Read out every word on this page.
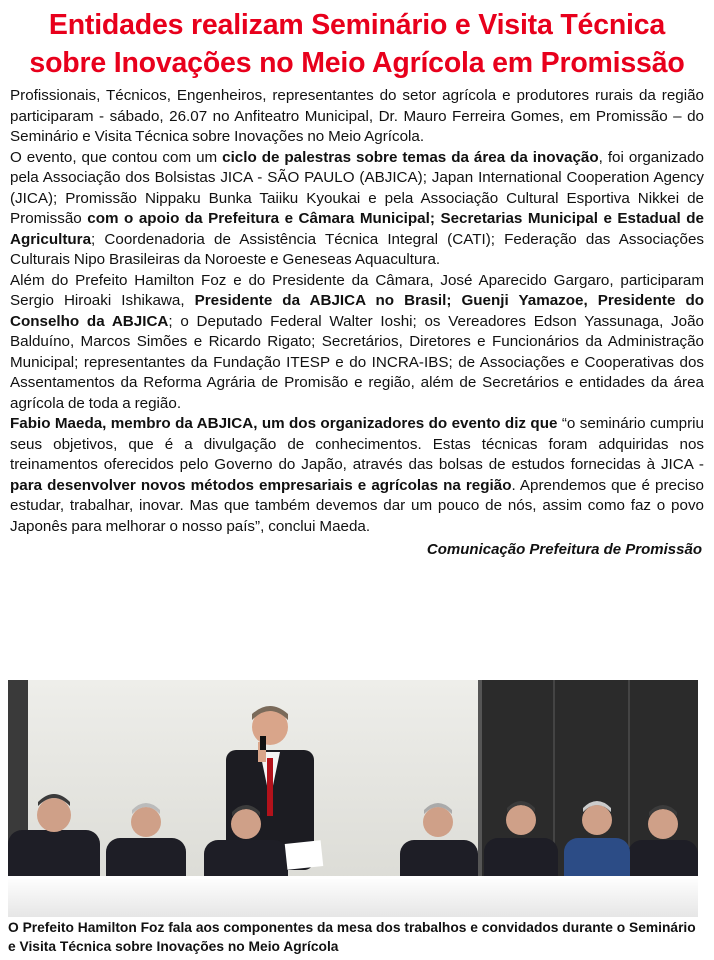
Entidades realizam Seminário e Visita Técnica sobre Inovações no Meio Agrícola em Promissão

Profissionais, Técnicos, Engenheiros, representantes do setor agrícola e produtores rurais da região participaram - sábado, 26.07 no Anfiteatro Municipal, Dr. Mauro Ferreira Gomes, em Promissão – do Seminário e Visita Técnica sobre Inovações no Meio Agrícola.

O evento, que contou com um ciclo de palestras sobre temas da área da inovação, foi organizado pela Associação dos Bolsistas JICA - SÃO PAULO (ABJICA); Japan International Cooperation Agency (JICA); Promissão Nippaku Bunka Taiiku Kyoukai e pela Associação Cultural Esportiva Nikkei de Promissão com o apoio da Prefeitura e Câmara Municipal; Secretarias Municipal e Estadual de Agricultura; Coordenadoria de Assistência Técnica Integral (CATI); Federação das Associações Culturais Nipo Brasileiras da Noroeste e Geneseas Aquacultura.

Além do Prefeito Hamilton Foz e do Presidente da Câmara, José Aparecido Gargaro, participaram Sergio Hiroaki Ishikawa, Presidente da ABJICA no Brasil; Guenji Yamazoe, Presidente do Conselho da ABJICA; o Deputado Federal Walter Ioshi; os Vereadores Edson Yassunaga, João Balduíno, Marcos Simões e Ricardo Rigato; Secretários, Diretores e Funcionários da Administração Municipal; representantes da Fundação ITESP e do INCRA-IBS; de Associações e Cooperativas dos Assentamentos da Reforma Agrária de Promisão e região, além de Secretários e entidades da área agrícola de toda a região.

Fabio Maeda, membro da ABJICA, um dos organizadores do evento diz que “o seminário cumpriu seus objetivos, que é a divulgação de conhecimentos. Estas técnicas foram adquiridas nos treinamentos oferecidos pelo Governo do Japão, através das bolsas de estudos fornecidas à JICA - para desenvolver novos métodos empresariais e agrícolas na região. Aprendemos que é preciso estudar, trabalhar, inovar. Mas que também devemos dar um pouco de nós, assim como faz o povo Japonês para melhorar o nosso país”, conclui Maeda.

Comunicação Prefeitura de Promissão
O Prefeito Hamilton Foz fala aos componentes da mesa dos trabalhos e convidados durante o Seminário e Visita Técnica sobre Inovações no Meio Agrícola
